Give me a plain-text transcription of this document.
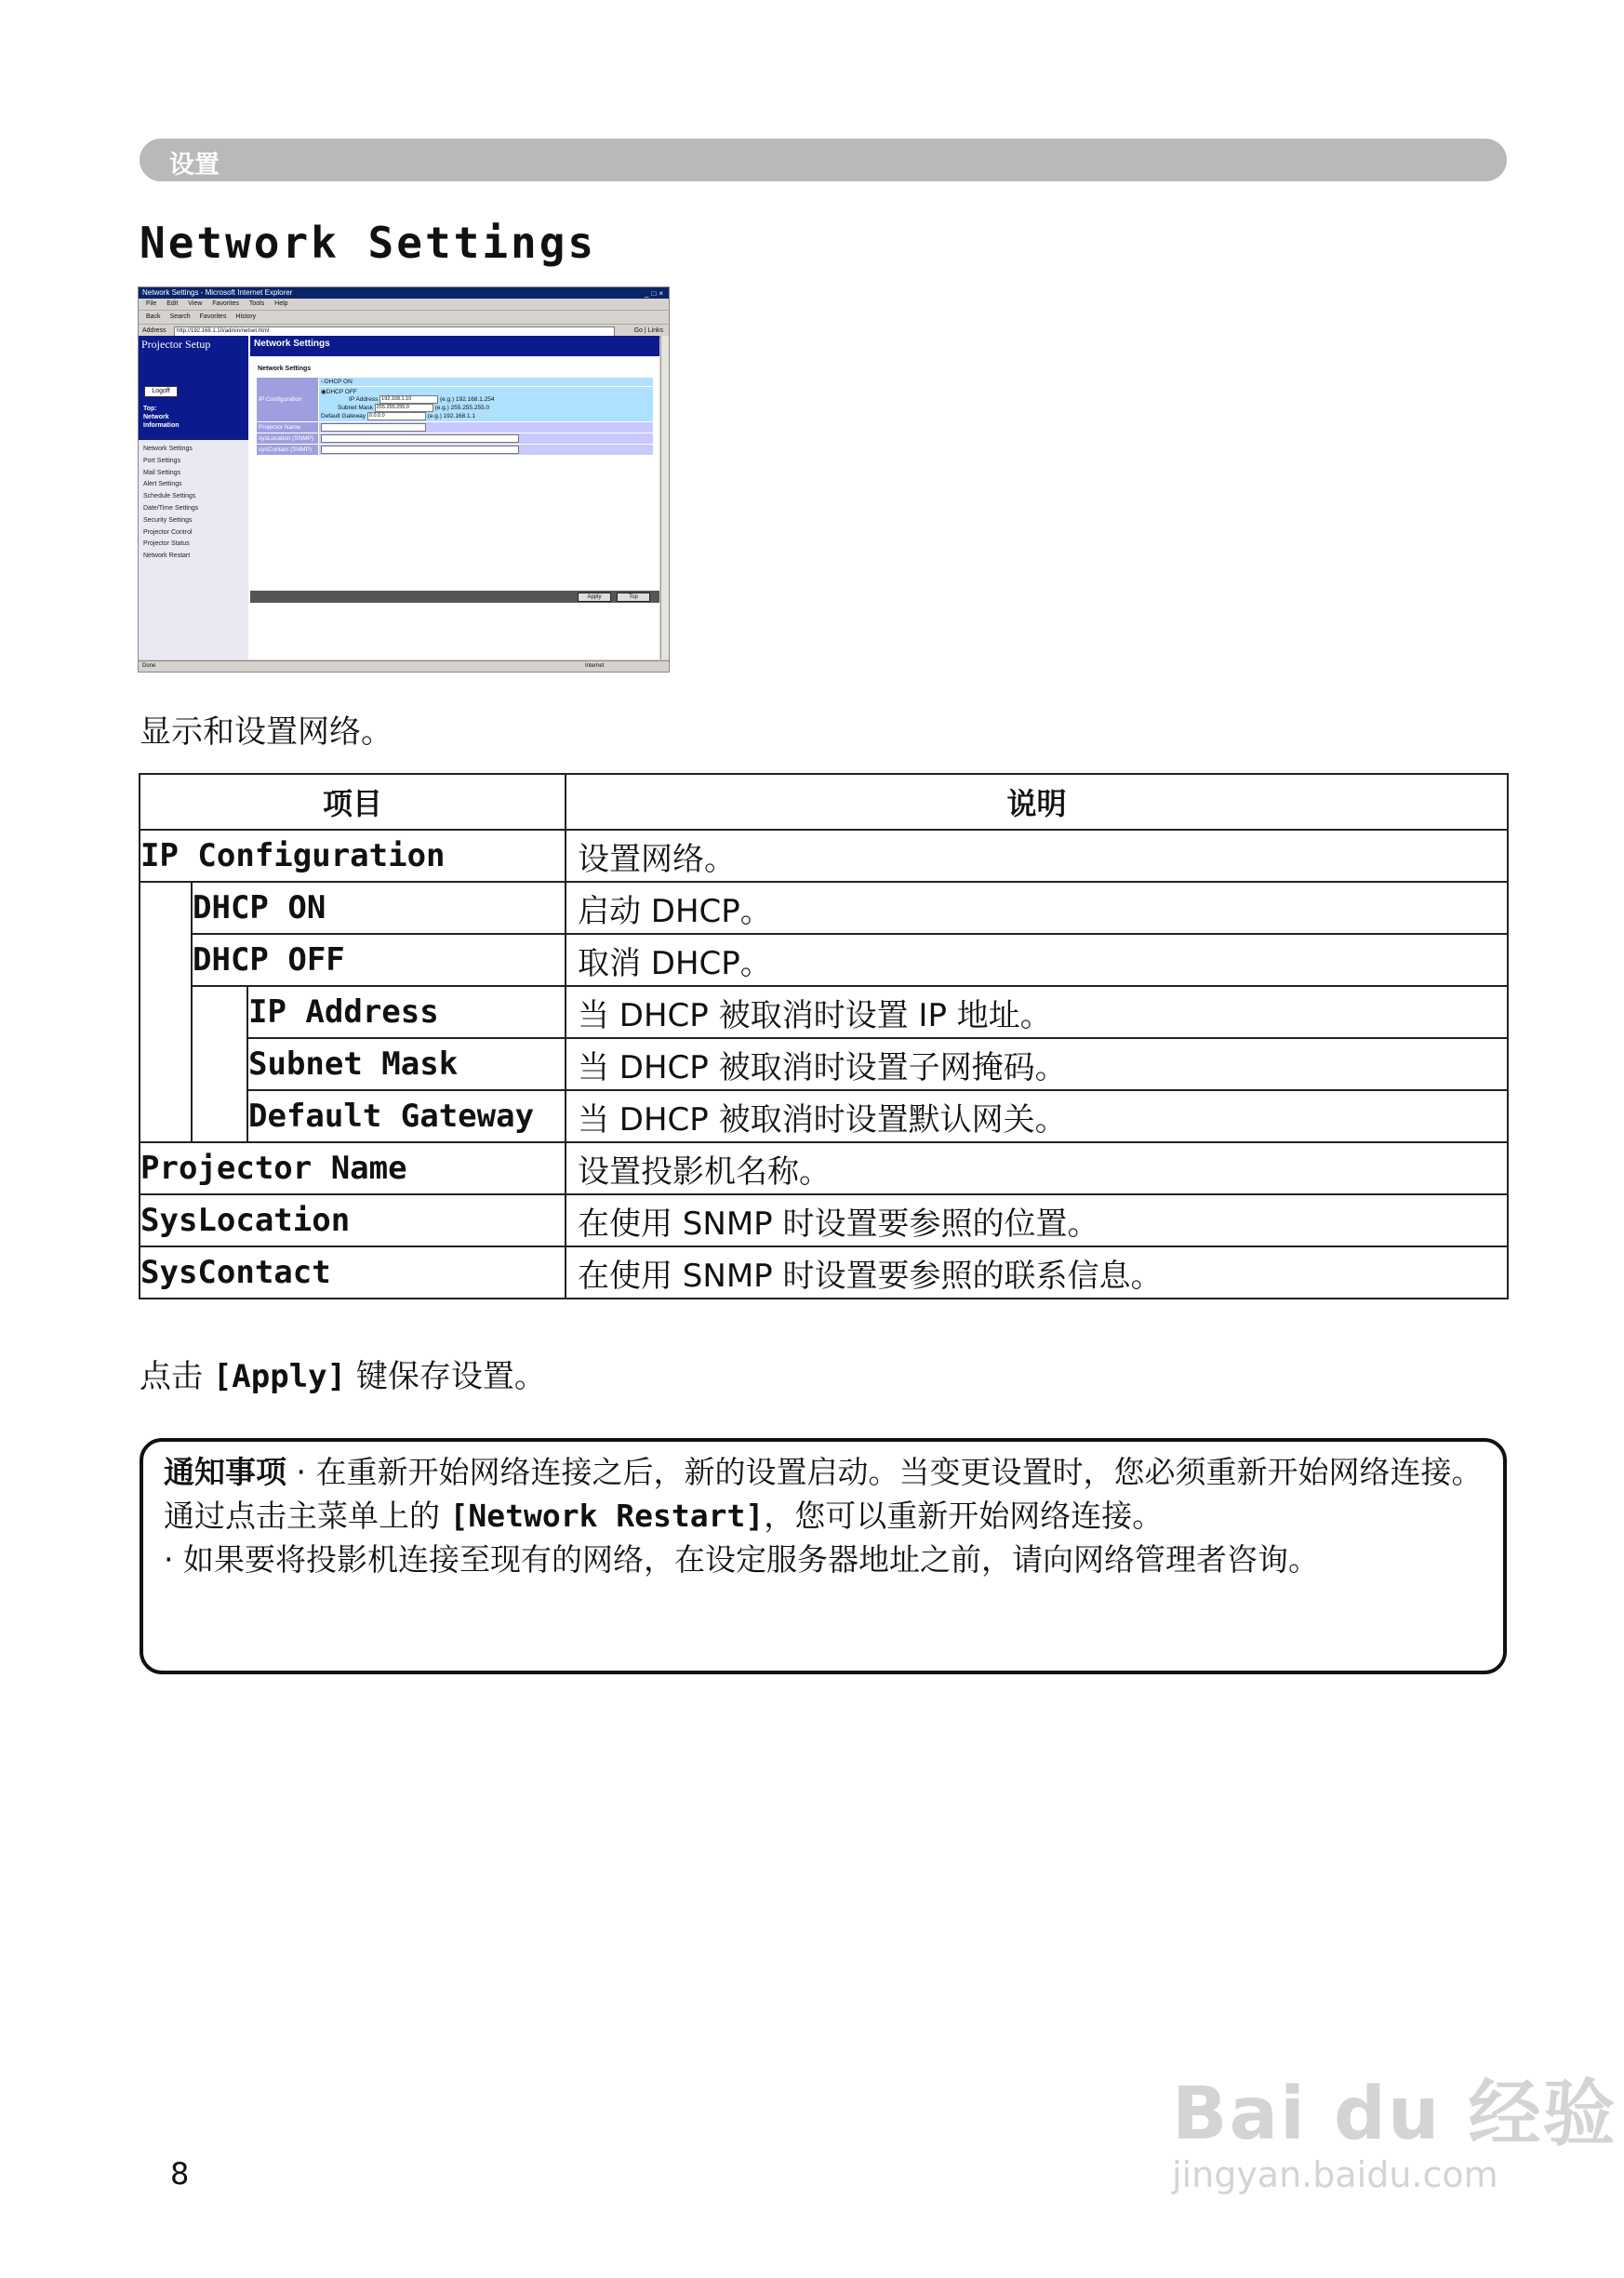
设置
Network Settings
Network Settings - Microsoft Internet Explorer	_□×
File Edit View Favorites Tools Help
Back Search Favorites History
Address	http://192.168.1.10/admin/netset.html	Go | Links
Projector Setup
Logoff
Top:
Network
Information
Network Settings
Port Settings
Mail Settings
Alert Settings
Schedule Settings
Date/Time Settings
Security Settings
Projector Control
Projector Status
Network Restart
Network Settings
Network Settings
IP Configuration	○DHCP ON

	◉DHCP OFF
IP Address 192.168.1.10 (e.g.) 192.168.1.254
Subnet Mask 255.255.255.0 (e.g.) 255.255.255.0
Default Gateway 0.0.0.0 (e.g.) 192.168.1.1

Projector Name	
sysLocation (SNMP)	
sysContact (SNMP)	
Apply	Top
Done	Internet
显示和设置网络。
项目			说明
IP Configuration			设置网络。
	DHCP ON		启动 DHCP。
	DHCP OFF		取消 DHCP。
		IP Address	当 DHCP 被取消时设置 IP 地址。
		Subnet Mask	当 DHCP 被取消时设置子网掩码。
		Default Gateway	当 DHCP 被取消时设置默认网关。
Projector Name			设置投影机名称。
SysLocation			在使用 SNMP 时设置要参照的位置。
SysContact			在使用 SNMP 时设置要参照的联系信息。
点击 [Apply] 键保存设置。
通知事项 · 在重新开始网络连接之后，新的设置启动。当变更设置时，您必须重新开始网络连接。通过点击主菜单上的 [Network Restart]，您可以重新开始网络连接。
· 如果要将投影机连接至现有的网络，在设定服务器地址之前，请向网络管理者咨询。
8
Bai du 经验
jingyan.baidu.com
